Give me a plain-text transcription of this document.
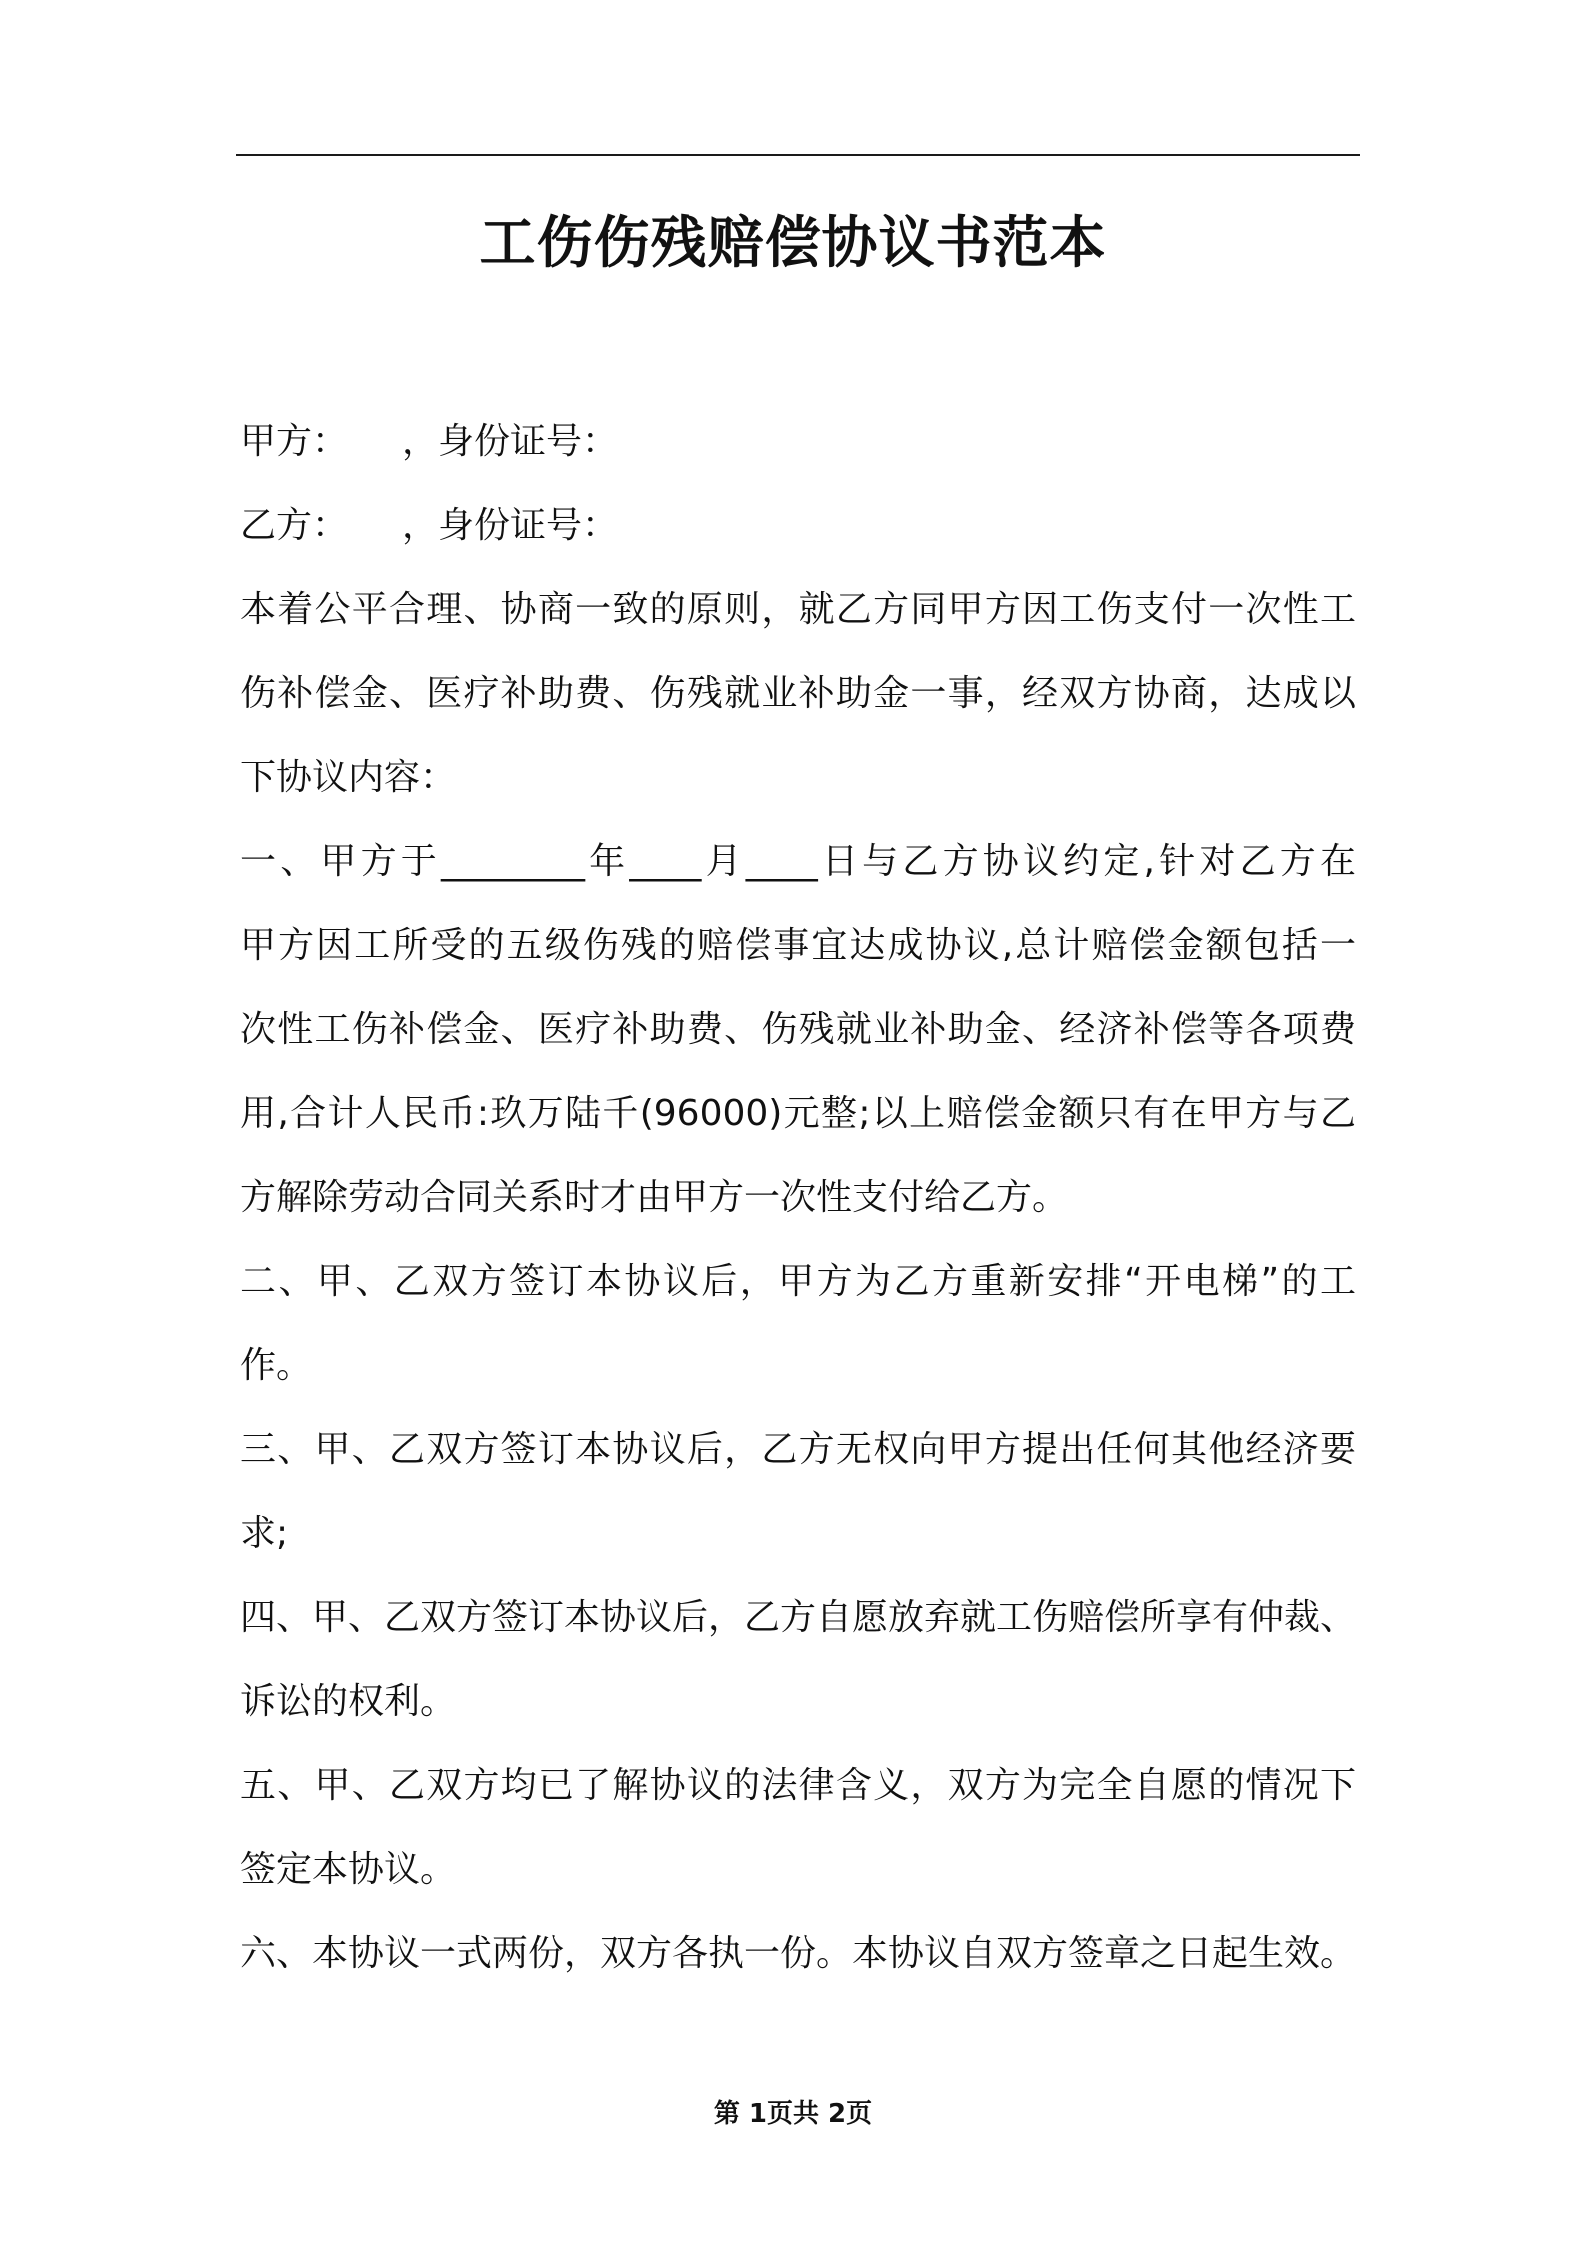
工伤伤残赔偿协议书范本
甲方：　　，身份证号：
乙方：　　，身份证号：
本着公平合理、协商一致的原则，就乙方同甲方因工伤支付一次性工
伤补偿金、医疗补助费、伤残就业补助金一事，经双方协商，达成以
下协议内容：
一、甲方于________年____月____日与乙方协议约定,针对乙方在
甲方因工所受的五级伤残的赔偿事宜达成协议,总计赔偿金额包括一
次性工伤补偿金、医疗补助费、伤残就业补助金、经济补偿等各项费
用,合计人民币:玖万陆千(96000)元整;以上赔偿金额只有在甲方与乙
方解除劳动合同关系时才由甲方一次性支付给乙方。
二、甲、乙双方签订本协议后，甲方为乙方重新安排“开电梯”的工
作。
三、甲、乙双方签订本协议后，乙方无权向甲方提出任何其他经济要
求;
四、甲、乙双方签订本协议后，乙方自愿放弃就工伤赔偿所享有仲裁、
诉讼的权利。
五、甲、乙双方均已了解协议的法律含义，双方为完全自愿的情况下
签定本协议。
六、本协议一式两份，双方各执一份。本协议自双方签章之日起生效。
第 1页共 2页
